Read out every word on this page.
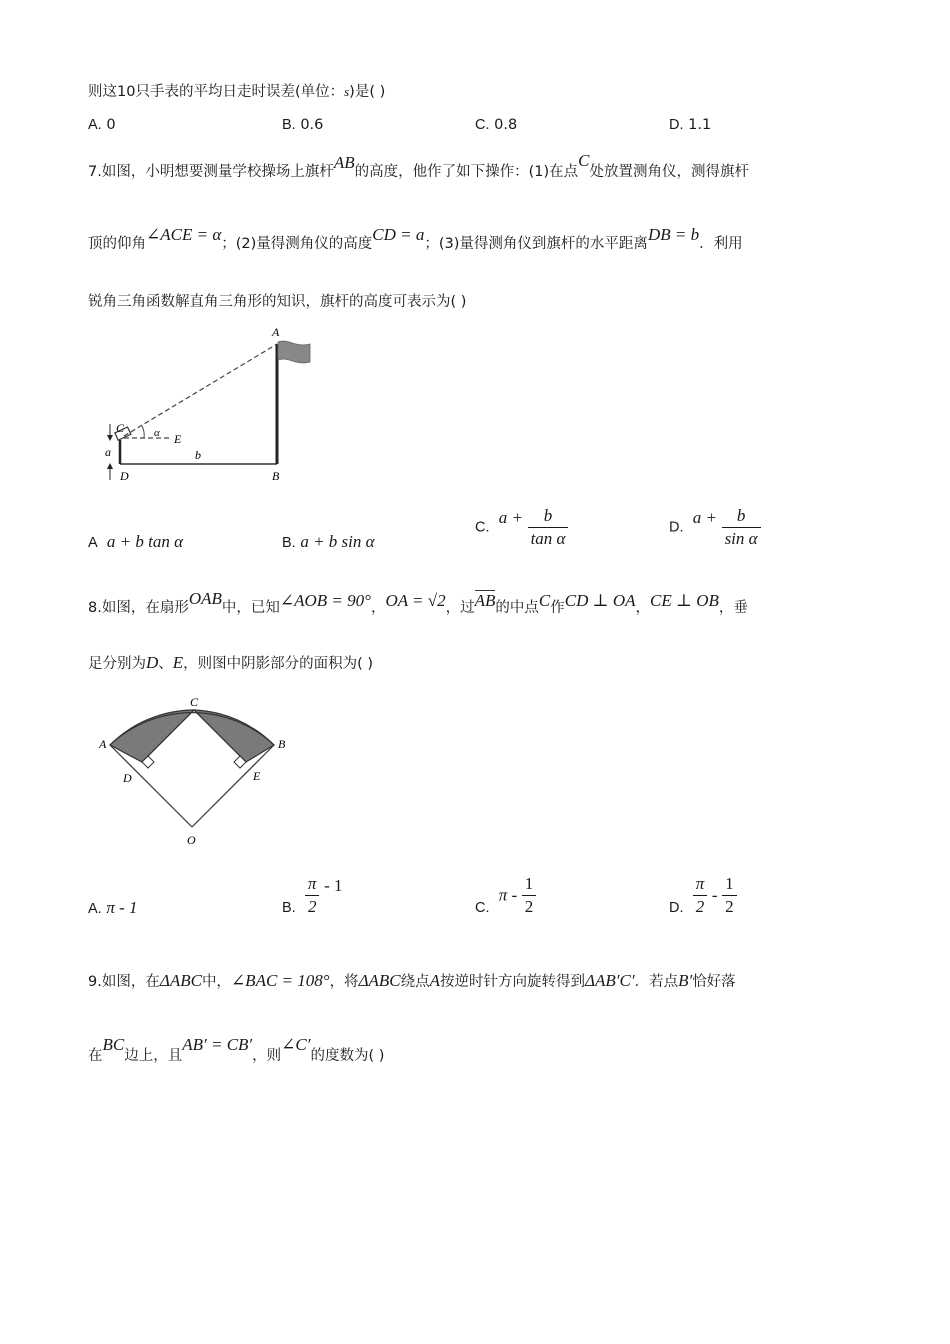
则这10只手表的平均日走时误差(单位：s)是( )
A. 0	B. 0.6	C. 0.8	D. 1.1
7.如图，小明想要测量学校操场上旗杆AB的高度，他作了如下操作：(1)在点C处放置测角仪，测得旗杆
顶的仰角∠ACE = α；(2)量得测角仪的高度CD = a；(3)量得测角仪到旗杆的水平距离DB = b．利用
锐角三角函数解直角三角形的知识，旗杆的高度可表示为( )
A
B
C
D
E
a	b
α
A a + b tan α	B. a + b sin α
C.  $a + \frac{b}{\text{tan α}}$	D.  $a + \frac{b}{\text{sin α}}$
8.如图，在扇形OAB中，已知∠AOB = 90°，OA = √2，过AB的中点C作CD ⊥ OA，CE ⊥ OB，垂
足分别为D、E，则图中阴影部分的面积为( )
A	B
C
D	E
O
A. π - 1	B. $\frac{\pi}{2} - 1$
C.  π - $\frac{1}{2}$	D. $\frac{\pi}{2} - \frac{1}{2}$
9.如图，在ΔABC中，∠BAC = 108°，将ΔABC绕点A按逆时针方向旋转得到ΔAB′C′．若点B′恰好落
在BC边上，且AB′ = CB′，则∠C′的度数为( )
